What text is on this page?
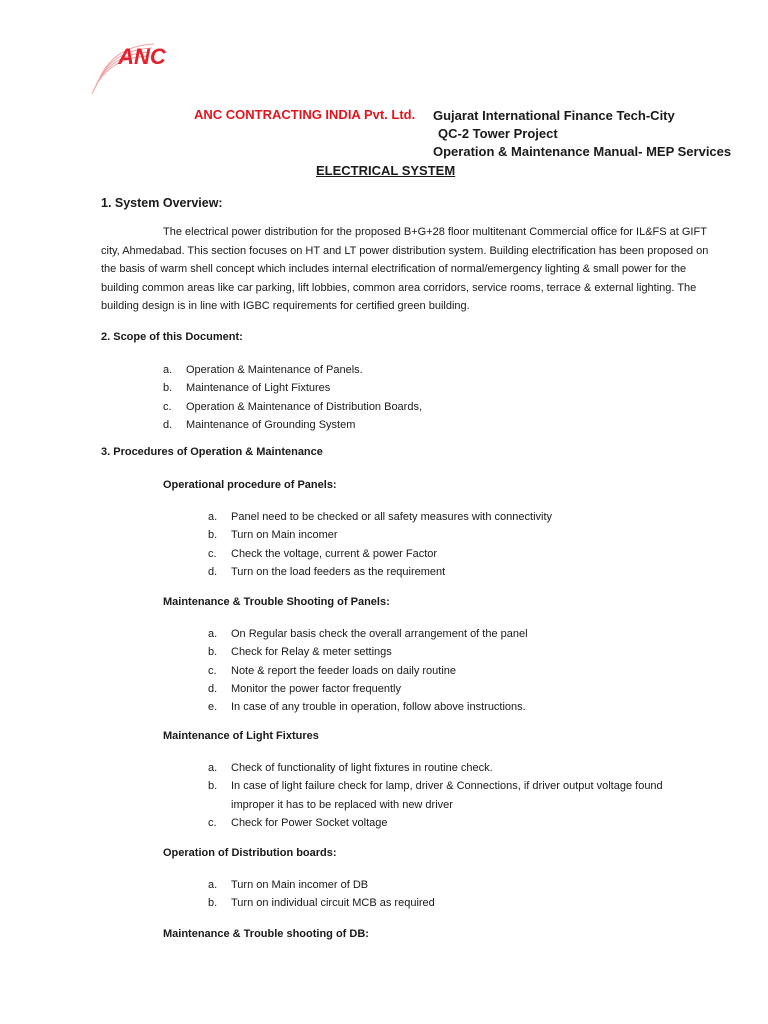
ANC
ANC CONTRACTING INDIA Pvt. Ltd. Gujarat International Finance Tech-City
QC-2 Tower Project
Operation & Maintenance Manual- MEP Services
ELECTRICAL SYSTEM
1. System Overview:
The electrical power distribution for the proposed B+G+28 floor multitenant Commercial office for IL&FS at GIFT city, Ahmedabad. This section focuses on HT and LT power distribution system. Building electrification has been proposed on the basis of warm shell concept which includes internal electrification of normal/emergency lighting & small power for the building common areas like car parking, lift lobbies, common area corridors, service rooms, terrace & external lighting. The building design is in line with IGBC requirements for certified green building.
2. Scope of this Document:
a. Operation & Maintenance of Panels.
b. Maintenance of Light Fixtures
c. Operation & Maintenance of Distribution Boards,
d. Maintenance of Grounding System
3. Procedures of Operation & Maintenance
Operational procedure of Panels:
a. Panel need to be checked or all safety measures with connectivity
b. Turn on Main incomer
c. Check the voltage, current & power Factor
d. Turn on the load feeders as the requirement
Maintenance & Trouble Shooting of Panels:
a. On Regular basis check the overall arrangement of the panel
b. Check for Relay & meter settings
c. Note & report the feeder loads on daily routine
d. Monitor the power factor frequently
e. In case of any trouble in operation, follow above instructions.
Maintenance of Light Fixtures
a. Check of functionality of light fixtures in routine check.
b. In case of light failure check for lamp, driver & Connections, if driver output voltage found improper it has to be replaced with new driver
c. Check for Power Socket voltage
Operation of Distribution boards:
a. Turn on Main incomer of DB
b. Turn on individual circuit MCB as required
Maintenance & Trouble shooting of DB:
